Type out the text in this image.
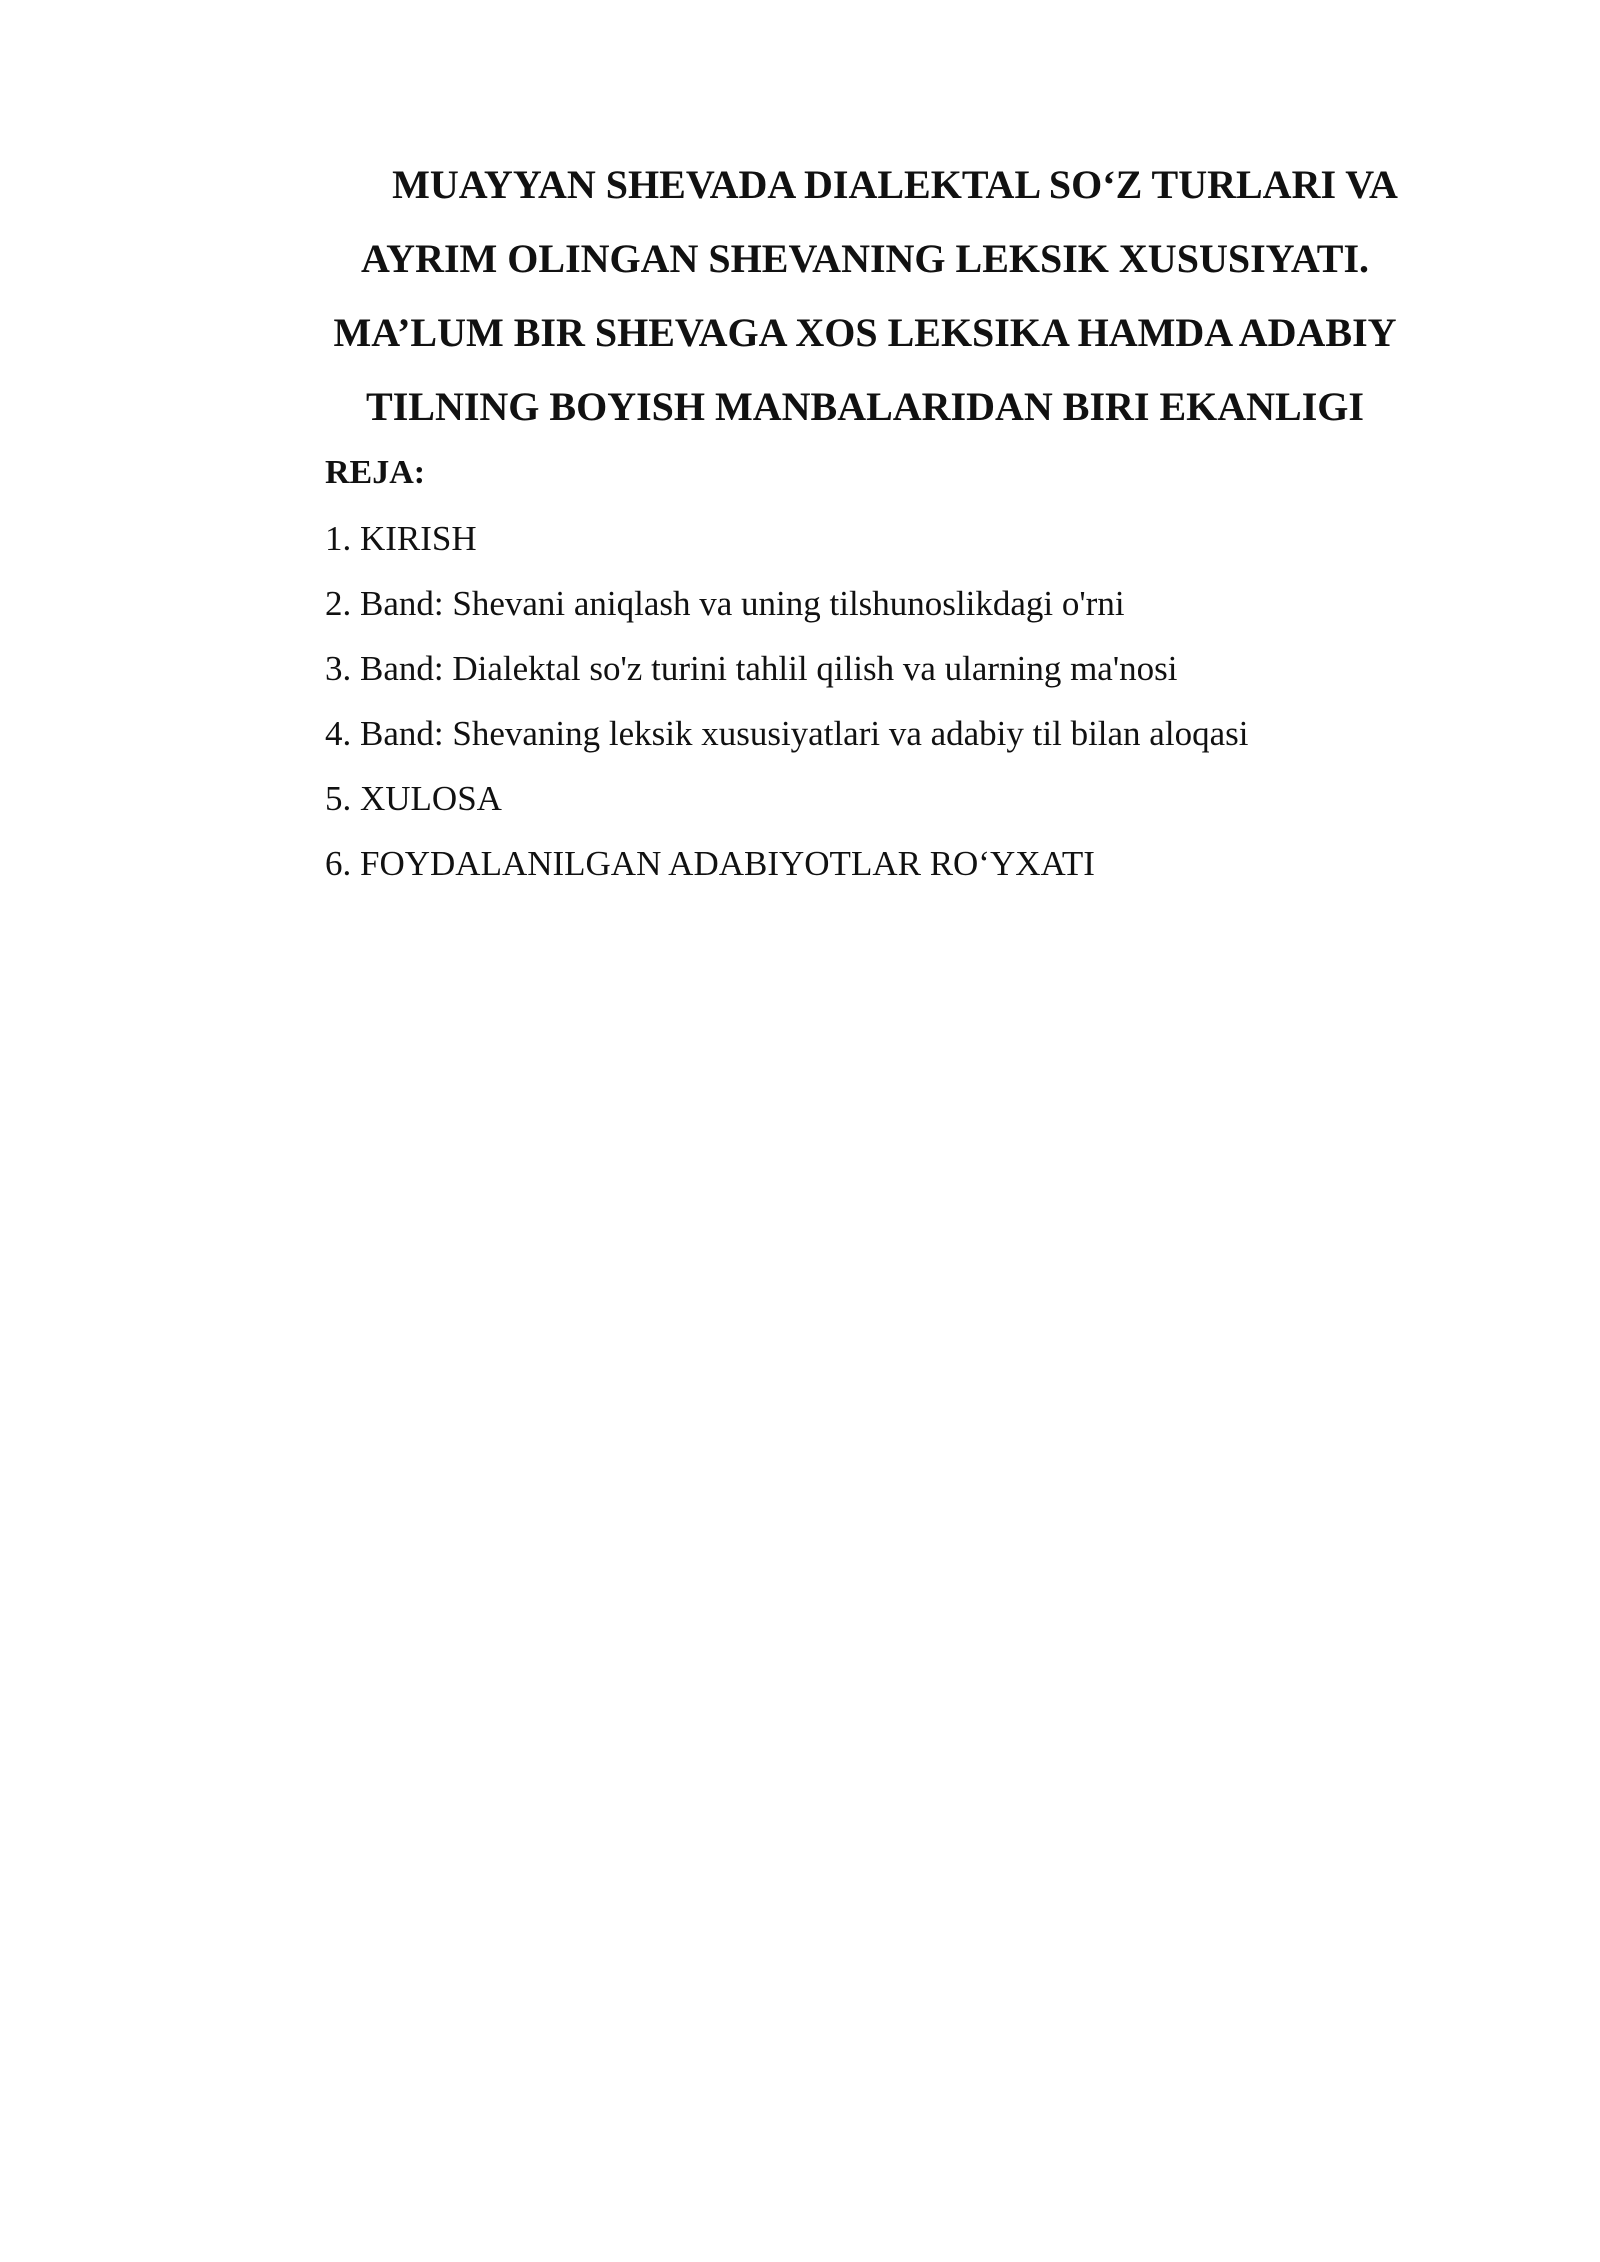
MUAYYAN SHEVADA DIALEKTAL SO‘Z TURLARI VA
AYRIM OLINGAN SHEVANING LEKSIK XUSUSIYATI.
MA’LUM BIR SHEVAGA XOS LEKSIKA HAMDA ADABIY
TILNING BOYISH MANBALARIDAN BIRI EKANLIGI
REJA:
1. KIRISH
2. Band: Shevani aniqlash va uning tilshunoslikdagi o'rni
3. Band: Dialektal so'z turini tahlil qilish va ularning ma'nosi
4. Band: Shevaning leksik xususiyatlari va adabiy til bilan aloqasi
5. XULOSA
6. FOYDALANILGAN ADABIYOTLAR RO‘YXATI
